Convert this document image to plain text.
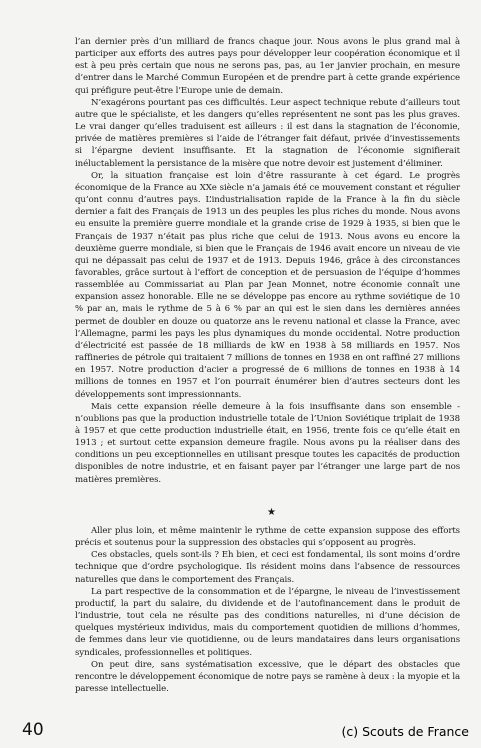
l’an dernier près d’un milliard de francs chaque jour. Nous avons le plus grand mal à participer aux efforts des autres pays pour développer leur coopération économique et il est à peu près certain que nous ne serons pas, pas, au 1er janvier prochain, en mesure d’entrer dans le Marché Commun Européen et de prendre part à cette grande expérience qui préfigure peut-être l’Europe unie de demain.

N’exagérons pourtant pas ces difficultés. Leur aspect technique rebute d’ailleurs tout autre que le spécialiste, et les dangers qu’elles représentent ne sont pas les plus graves. Le vrai danger qu’elles traduisent est ailleurs : il est dans la stagnation de l’économie, privée de matières premières si l’aide de l’étranger fait défaut, privée d’investissements si l’épargne devient insuffisante. Et la stagnation de l’économie signifierait inéluctablement la persistance de la misère que notre devoir est justement d’éliminer.

Or, la situation française est loin d’être rassurante à cet égard. Le progrès économique de la France au XXe siècle n’a jamais été ce mouvement constant et régulier qu’ont connu d’autres pays. L’industrialisation rapide de la France à la fin du siècle dernier a fait des Français de 1913 un des peuples les plus riches du monde. Nous avons eu ensuite la première guerre mondiale et la grande crise de 1929 à 1935, si bien que le Français de 1937 n’était pas plus riche que celui de 1913. Nous avons eu encore la deuxième guerre mondiale, si bien que le Français de 1946 avait encore un niveau de vie qui ne dépassait pas celui de 1937 et de 1913. Depuis 1946, grâce à des circonstances favorables, grâce surtout à l’effort de conception et de persuasion de l’équipe d’hommes rassemblée au Commissariat au Plan par Jean Monnet, notre économie connaît une expansion assez honorable. Elle ne se développe pas encore au rythme soviétique de 10 % par an, mais le rythme de 5 à 6 % par an qui est le sien dans les dernières années permet de doubler en douze ou quatorze ans le revenu national et classe la France, avec l’Allemagne, parmi les pays les plus dynamiques du monde occidental. Notre production d’électricité est passée de 18 milliards de kW en 1938 à 58 milliards en 1957. Nos raffineries de pétrole qui traitaient 7 millions de tonnes en 1938 en ont raffiné 27 millions en 1957. Notre production d’acier a progressé de 6 millions de tonnes en 1938 à 14 millions de tonnes en 1957 et l’on pourrait énumérer bien d’autres secteurs dont les développements sont impressionnants.

Mais cette expansion réelle demeure à la fois insuffisante dans son ensemble - n’oublions pas que la production industrielle totale de l’Union Soviétique triplait de 1938 à 1957 et que cette production industrielle était, en 1956, trente fois ce qu’elle était en 1913 ; et surtout cette expansion demeure fragile. Nous avons pu la réaliser dans des conditions un peu exceptionnelles en utilisant presque toutes les capacités de production disponibles de notre industrie, et en faisant payer par l’étranger une large part de nos matières premières.

★

Aller plus loin, et même maintenir le rythme de cette expansion suppose des efforts précis et soutenus pour la suppression des obstacles qui s’opposent au progrès.

Ces obstacles, quels sont-ils ? Eh bien, et ceci est fondamental, ils sont moins d’ordre technique que d’ordre psychologique. Ils résident moins dans l’absence de ressources naturelles que dans le comportement des Français.

La part respective de la consommation et de l’épargne, le niveau de l’investissement productif, la part du salaire, du dividende et de l’autofinancement dans le produit de l’industrie, tout cela ne résulte pas des conditions naturelles, ni d’une décision de quelques mystérieux individus, mais du comportement quotidien de millions d’hommes, de femmes dans leur vie quotidienne, ou de leurs mandataires dans leurs organisations syndicales, professionnelles et politiques.

On peut dire, sans systématisation excessive, que le départ des obstacles que rencontre le développement économique de notre pays se ramène à deux : la myopie et la paresse intellectuelle.

40	(c) Scouts de France
